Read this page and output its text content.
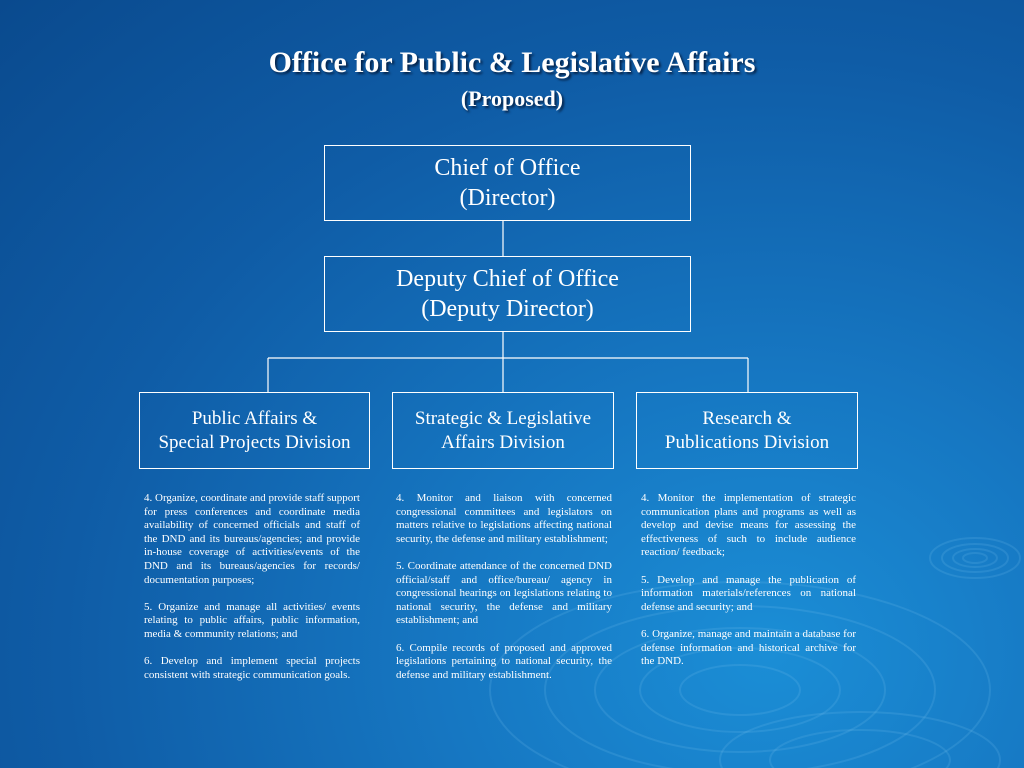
Office for Public & Legislative Affairs
(Proposed)
Chief of Office
(Director)
Deputy Chief of Office
(Deputy Director)
Public Affairs &
Special Projects Division
Strategic & Legislative
Affairs Division
Research &
Publications Division

4. Organize, coordinate and provide staff support for press conferences and coordinate media availability of concerned officials and staff of the DND and its bureaus/agencies; and provide in-house coverage of activities/events of the DND and its bureaus/agencies for records/ documentation purposes;

5. Organize and manage all activities/ events relating to public affairs, public information, media & community relations; and

6. Develop and implement special projects consistent with strategic communication goals.

4. Monitor and liaison with concerned congressional committees and legislators on matters relative to legislations affecting national security, the defense and military establishment;

5. Coordinate attendance of the concerned DND official/staff and office/bureau/ agency in congressional hearings on legislations relating to national security, the defense and military establishment; and

6. Compile records of proposed and approved legislations pertaining to national security, the defense and military establishment.

4. Monitor the implementation of strategic communication plans and programs as well as develop and devise means for assessing the effectiveness of such to include audience reaction/ feedback;

5. Develop and manage the publication of information materials/references on national defense and security; and

6. Organize, manage and maintain a database for defense information and historical archive for the DND.
